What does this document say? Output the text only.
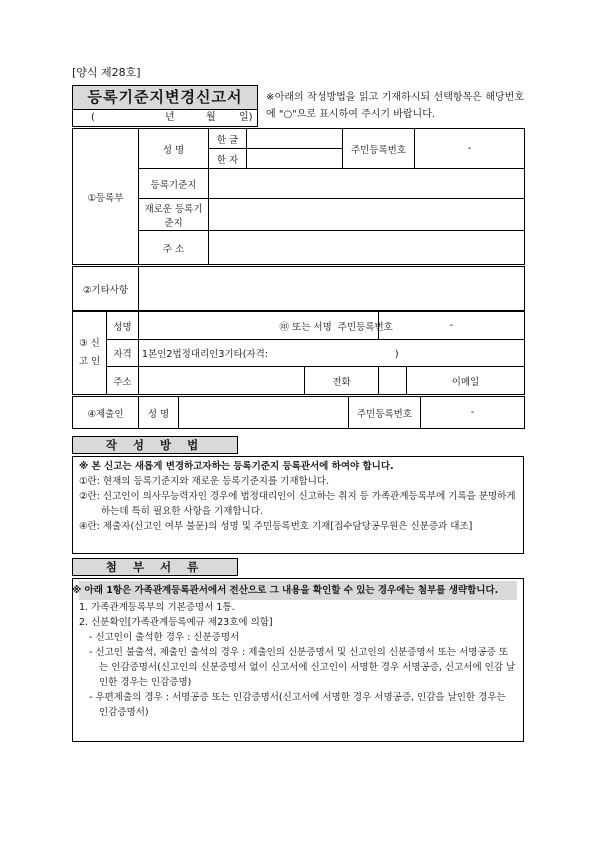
[양식 제28호]
등록기준지변경신고서
(	년	월 일)
※아래의 작성방법을 읽고 기재하시되 선택항목은 해당번호에 "○"으로 표시하여 주시기 바랍니다.
①등록부	성 명	한 글		주민등록번호	-
		한 자			
	등록기준지				
	재로운 등록기준지				
	주 소				
②기타사항	
③ 신 고 인	성명		㊞ 또는 서명 주민등록번호		-		
	자격	1본인2법정대리인3기타(자격:                                          )					
	주소			전화		이메일	
④제출인	성 명		주민등록번호	-
작 성 방 법

※ 본 신고는 새롭게 변경하고자하는 등록기준지 등록관서에 하여야 합니다.

①란: 현재의 등록기준지와 재로운 등록기준지를 기재합니다.

②란: 신고인이 의사무능력자인 경우에 법정대리인이 신고하는 취지 등 가족관계등록부에 기록을 분명하게 하는데 특히 필요한 사항을 기재합니다.

④란: 제출자(신고인 여부 불문)의 성명 및 주민등록번호 기재[접수담당공무원은 신분증과 대조]

첨 부 서 류

※ 아래 1항은 가족관계등록관서에서 전산으로 그 내용을 확인할 수 있는 경우에는 첨부를 생략합니다.

1. 가족관계등록부의 기본증명서 1통.

2. 신분확인[가족관계등록예규 제23호에 의함]

- 신고인이 출석한 경우 : 신분증명서

- 신고인 불출석, 제출인 출석의 경우 : 제출인의 신분증명서 및 신고인의 신분증명서 또는 서명공증 또는 인감증명서(신고인의 신분증명서 없이 신고서에 신고인이 서명한 경우 서명공증, 신고서에 인감 날인한 경우는 인감증명)

- 우편제출의 경우 : 서명공증 또는 인감증명서(신고서에 서명한 경우 서명공증, 인감을 날인한 경우는 인감증명서)
